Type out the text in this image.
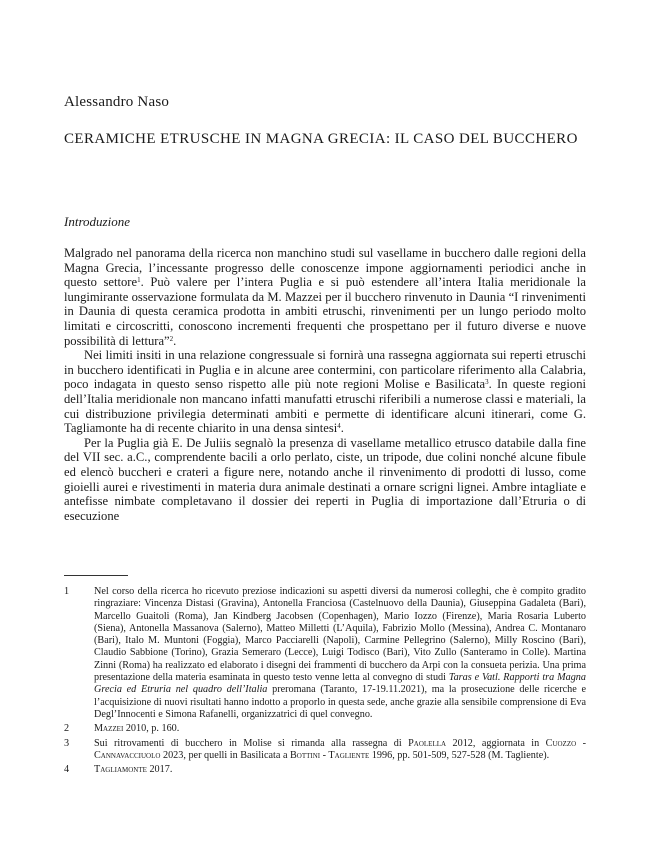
Alessandro Naso
CERAMICHE ETRUSCHE IN MAGNA GRECIA: IL CASO DEL BUCCHERO
Introduzione

Malgrado nel panorama della ricerca non manchino studi sul vasellame in bucchero dalle regioni della Magna Grecia, l’incessante progresso delle conoscenze impone aggiornamenti periodici anche in questo settore$^1$. Può valere per l’intera Puglia e si può estendere all’intera Italia meridionale la lungimirante osservazione formulata da M. Mazzei per il bucchero rinvenuto in Daunia “I rinvenimenti in Daunia di questa ceramica prodotta in ambiti etruschi, rinvenimenti per un lungo periodo molto limitati e circoscritti, conoscono incrementi frequenti che prospettano per il futuro diverse e nuove possibilità di lettura”$^2$.

Nei limiti insiti in una relazione congressuale si fornirà una rassegna aggiornata sui reperti etruschi in bucchero identificati in Puglia e in alcune aree contermini, con particolare riferimento alla Calabria, poco indagata in questo senso rispetto alle più note regioni Molise e Basilicata$^3$. In queste regioni dell’Italia meridionale non mancano infatti manufatti etruschi riferibili a numerose classi e materiali, la cui distribuzione privilegia determinati ambiti e permette di identificare alcuni itinerari, come G. Tagliamonte ha di recente chiarito in una densa sintesi$^4$.

Per la Puglia già E. De Juliis segnalò la presenza di vasellame metallico etrusco databile dalla fine del VII sec. a.C., comprendente bacili a orlo perlato, ciste, un tripode, due colini nonché alcune fibule ed elencò buccheri e crateri a figure nere, notando anche il rinvenimento di prodotti di lusso, come gioielli aurei e rivestimenti in materia dura animale destinati a ornare scrigni lignei. Ambre intagliate e antefisse nimbate completavano il dossier dei reperti in Puglia di importazione dall’Etruria o di esecuzione

1	Nel corso della ricerca ho ricevuto preziose indicazioni su aspetti diversi da numerosi colleghi, che è compito gradito ringraziare: Vincenza Distasi (Gravina), Antonella Franciosa (Castelnuovo della Daunia), Giuseppina Gadaleta (Bari), Marcello Guaitoli (Roma), Jan Kindberg Jacobsen (Copenhagen), Mario Iozzo (Firenze), Maria Rosaria Luberto (Siena), Antonella Massanova (Salerno), Matteo Milletti (L’Aquila), Fabrizio Mollo (Messina), Andrea C. Montanaro (Bari), Italo M. Muntoni (Foggia), Marco Pacciarelli (Napoli), Carmine Pellegrino (Salerno), Milly Roscino (Bari), Claudio Sabbione (Torino), Grazia Semeraro (Lecce), Luigi Todisco (Bari), Vito Zullo (Santeramo in Colle). Martina Zinni (Roma) ha realizzato ed elaborato i disegni dei frammenti di bucchero da Arpi con la consueta perizia. Una prima presentazione della materia esaminata in questo testo venne letta al convegno di studi Taras e Vatl. Rapporti tra Magna Grecia ed Etruria nel quadro dell’Italia preromana (Taranto, 17-19.11.2021), ma la prosecuzione delle ricerche e l’acquisizione di nuovi risultati hanno indotto a proporlo in questa sede, anche grazie alla sensibile comprensione di Eva Degl’Innocenti e Simona Rafanelli, organizzatrici di quel convegno.
2	Mazzei 2010, p. 160.
3	Sui ritrovamenti di bucchero in Molise si rimanda alla rassegna di Paolella 2012, aggiornata in Cuozzo - Cannavacciuolo 2023, per quelli in Basilicata a Bottini - Tagliente 1996, pp. 501-509, 527-528 (M. Tagliente).
4	Tagliamonte 2017.
